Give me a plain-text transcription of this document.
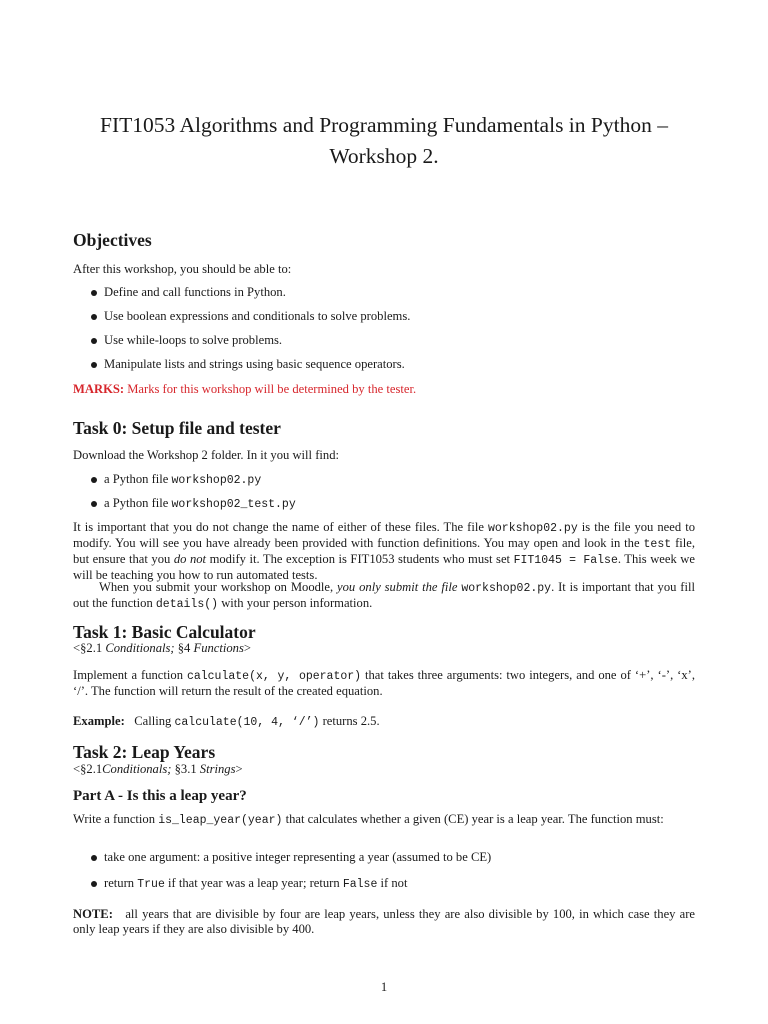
FIT1053 Algorithms and Programming Fundamentals in Python –
Workshop 2.
Objectives
After this workshop, you should be able to:
Define and call functions in Python.
Use boolean expressions and conditionals to solve problems.
Use while-loops to solve problems.
Manipulate lists and strings using basic sequence operators.
MARKS: Marks for this workshop will be determined by the tester.
Task 0: Setup file and tester
Download the Workshop 2 folder. In it you will find:
a Python file workshop02.py
a Python file workshop02_test.py
It is important that you do not change the name of either of these files. The file workshop02.py is the file you need to modify. You will see you have already been provided with function definitions. You may open and look in the test file, but ensure that you do not modify it. The exception is FIT1053 students who must set FIT1045 = False. This week we will be teaching you how to run automated tests.
When you submit your workshop on Moodle, you only submit the file workshop02.py. It is important that you fill out the function details() with your person information.
Task 1: Basic Calculator
<§2.1 Conditionals; §4 Functions>
Implement a function calculate(x, y, operator) that takes three arguments: two integers, and one of ‘+’, ‘-’, ‘x’, ‘/’. The function will return the result of the created equation.
Example: Calling calculate(10, 4, ‘/’) returns 2.5.
Task 2: Leap Years
<§2.1Conditionals; §3.1 Strings>
Part A - Is this a leap year?
Write a function is_leap_year(year) that calculates whether a given (CE) year is a leap year. The function must:
take one argument: a positive integer representing a year (assumed to be CE)
return True if that year was a leap year; return False if not
NOTE: all years that are divisible by four are leap years, unless they are also divisible by 100, in which case they are only leap years if they are also divisible by 400.
1
